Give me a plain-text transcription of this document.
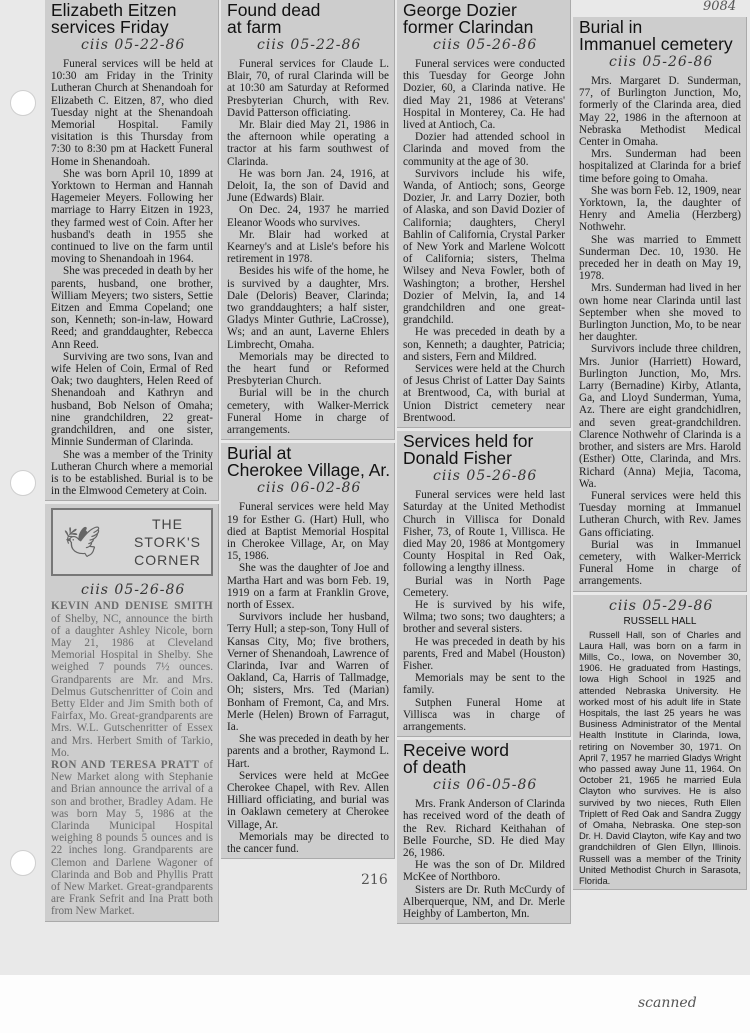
Elizabeth Eitzen
services Friday
ciis 05-22-86

Funeral services will be held at 10:30 am Friday in the Trinity Lutheran Church at Shenandoah for Elizabeth C. Eitzen, 87, who died Tuesday night at the Shenandoah Memorial Hospital. Family visitation is this Thursday from 7:30 to 8:30 pm at Hackett Funeral Home in Shenandoah.

She was born April 10, 1899 at Yorktown to Herman and Hannah Hagemeier Meyers. Following her marriage to Harry Eitzen in 1923, they farmed west of Coin. After her husband's death in 1955 she continued to live on the farm until moving to Shenandoah in 1964.

She was preceded in death by her parents, husband, one brother, William Meyers; two sisters, Settie Eitzen and Emma Copeland; one son, Kenneth; son-in-law, Howard Reed; and granddaughter, Rebecca Ann Reed.

Surviving are two sons, Ivan and wife Helen of Coin, Ermal of Red Oak; two daughters, Helen Reed of Shenandoah and Kathryn and husband, Bob Nelson of Omaha; nine grandchildren, 22 great-grandchildren, and one sister, Minnie Sunderman of Clarinda.

She was a member of the Trinity Lutheran Church where a memorial is to be established. Burial is to be in the Elmwood Cemetery at Coin.

🕊
THE
STORK'S
CORNER
ciis 05-26-86

KEVIN AND DENISE SMITH of Shelby, NC, announce the birth of a daughter Ashley Nicole, born May 21, 1986 at Cleveland Memorial Hospital in Shelby. She weighed 7 pounds 7½ ounces. Grandparents are Mr. and Mrs. Delmus Gutschenritter of Coin and Betty Elder and Jim Smith both of Fairfax, Mo. Great-grandparents are Mrs. W.L. Gutschenritter of Essex and Mrs. Herbert Smith of Tarkio, Mo.

RON AND TERESA PRATT of New Market along with Stephanie and Brian announce the arrival of a son and brother, Bradley Adam. He was born May 5, 1986 at the Clarinda Municipal Hospital weighing 8 pounds 5 ounces and is 22 inches long. Grandparents are Clemon and Darlene Wagoner of Clarinda and Bob and Phyllis Pratt of New Market. Great-grandparents are Frank Sefrit and Ina Pratt both from New Market.

Found dead
at farm
ciis 05-22-86

Funeral services for Claude L. Blair, 70, of rural Clarinda will be at 10:30 am Saturday at Reformed Presbyterian Church, with Rev. David Patterson officiating.

Mr. Blair died May 21, 1986 in the afternoon while operating a tractor at his farm southwest of Clarinda.

He was born Jan. 24, 1916, at Deloit, Ia, the son of David and June (Edwards) Blair.

On Dec. 24, 1937 he married Eleanor Woods who survives.

Mr. Blair had worked at Kearney's and at Lisle's before his retirement in 1978.

Besides his wife of the home, he is survived by a daughter, Mrs. Dale (Deloris) Beaver, Clarinda; two granddaughters; a half sister, Gladys Minter Guthrie, LaCrosse), Ws; and an aunt, Laverne Ehlers Limbrecht, Omaha.

Memorials may be directed to the heart fund or Reformed Presbyterian Church.

Burial will be in the church cemetery, with Walker-Merrick Funeral Home in charge of arrangements.

Burial at
Cherokee Village, Ar.
ciis 06-02-86

Funeral services were held May 19 for Esther G. (Hart) Hull, who died at Baptist Memorial Hospital in Cherokee Village, Ar, on May 15, 1986.

She was the daughter of Joe and Martha Hart and was born Feb. 19, 1919 on a farm at Franklin Grove, north of Essex.

Survivors include her husband, Terry Hull; a step-son, Tony Hull of Kansas City, Mo; five brothers, Verner of Shenandoah, Lawrence of Clarinda, Ivar and Warren of Oakland, Ca, Harris of Tallmadge, Oh; sisters, Mrs. Ted (Marian) Bonham of Fremont, Ca, and Mrs. Merle (Helen) Brown of Farragut, Ia.

She was preceded in death by her parents and a brother, Raymond L. Hart.

Services were held at McGee Cherokee Chapel, with Rev. Allen Hilliard officiating, and burial was in Oaklawn cemetery at Cherokee Village, Ar.

Memorials may be directed to the cancer fund.

216
George Dozier
former Clarindan
ciis 05-26-86

Funeral services were conducted this Tuesday for George John Dozier, 60, a Clarinda native. He died May 21, 1986 at Veterans' Hospital in Monterey, Ca. He had lived at Antioch, Ca.

Dozier had attended school in Clarinda and moved from the community at the age of 30.

Survivors include his wife, Wanda, of Antioch; sons, George Dozier, Jr. and Larry Dozier, both of Alaska, and son David Dozier of California; daughters, Cheryl Bahlin of California, Crystal Parker of New York and Marlene Wolcott of California; sisters, Thelma Wilsey and Neva Fowler, both of Washington; a brother, Hershel Dozier of Melvin, Ia, and 14 grandchildren and one great-grandchild.

He was preceded in death by a son, Kenneth; a daughter, Patricia; and sisters, Fern and Mildred.

Services were held at the Church of Jesus Christ of Latter Day Saints at Brentwood, Ca, with burial at Union District cemetery near Brentwood.

Services held for
Donald Fisher
ciis 05-26-86

Funeral services were held last Saturday at the United Methodist Church in Villisca for Donald Fisher, 73, of Route 1, Villisca. He died May 20, 1986 at Montgomery County Hospital in Red Oak, following a lengthy illness.

Burial was in North Page Cemetery.

He is survived by his wife, Wilma; two sons; two daughters; a brother and several sisters.

He was preceded in death by his parents, Fred and Mabel (Houston) Fisher.

Memorials may be sent to the family.

Sutphen Funeral Home at Villisca was in charge of arrangements.

Receive word
of death
ciis 06-05-86

Mrs. Frank Anderson of Clarinda has received word of the death of the Rev. Richard Keithahan of Belle Fourche, SD. He died May 26, 1986.

He was the son of Dr. Mildred McKee of Northboro.

Sisters are Dr. Ruth McCurdy of Alberquerque, NM, and Dr. Merle Heighby of Lamberton, Mn.

9084
Burial in
Immanuel cemetery
ciis 05-26-86

Mrs. Margaret D. Sunderman, 77, of Burlington Junction, Mo, formerly of the Clarinda area, died May 22, 1986 in the afternoon at Nebraska Methodist Medical Center in Omaha.

Mrs. Sunderman had been hospitalized at Clarinda for a brief time before going to Omaha.

She was born Feb. 12, 1909, near Yorktown, Ia, the daughter of Henry and Amelia (Herzberg) Nothwehr.

She was married to Emmett Sunderman Dec. 10, 1930. He preceded her in death on May 19, 1978.

Mrs. Sunderman had lived in her own home near Clarinda until last September when she moved to Burlington Junction, Mo, to be near her daughter.

Survivors include three children, Mrs. Junior (Harriett) Howard, Burlington Junction, Mo, Mrs. Larry (Bernadine) Kirby, Atlanta, Ga, and Lloyd Sunderman, Yuma, Az. There are eight grandchidlren, and seven great-grandchildren. Clarence Nothwehr of Clarinda is a brother, and sisters are Mrs. Harold (Esther) Otte, Clarinda, and Mrs. Richard (Anna) Mejia, Tacoma, Wa.

Funeral services were held this Tuesday morning at Immanuel Lutheran Church, with Rev. James Gans officiating.

Burial was in Immanuel cemetery, with Walker-Merrick Funeral Home in charge of arrangements.

ciis 05-29-86
RUSSELL HALL

Russell Hall, son of Charles and Laura Hall, was born on a farm in Mills, Co., Iowa, on November 30, 1906. He graduated from Hastings, Iowa High School in 1925 and attended Nebraska University. He worked most of his adult life in State Hospitals, the last 25 years he was Business Administrator of the Mental Health Institute in Clarinda, Iowa, retiring on November 30, 1971. On April 7, 1957 he married Gladys Wright who passed away June 11, 1964. On October 21, 1965 he married Eula Clayton who survives. He is also survived by two nieces, Ruth Ellen Triplett of Red Oak and Sandra Zuggy of Omaha, Nebraska. One step-son Dr. H. David Clayton, wife Kay and two grandchildren of Glen Ellyn, Illinois. Russell was a member of the Trinity United Methodist Church in Sarasota, Florida.

scanned
